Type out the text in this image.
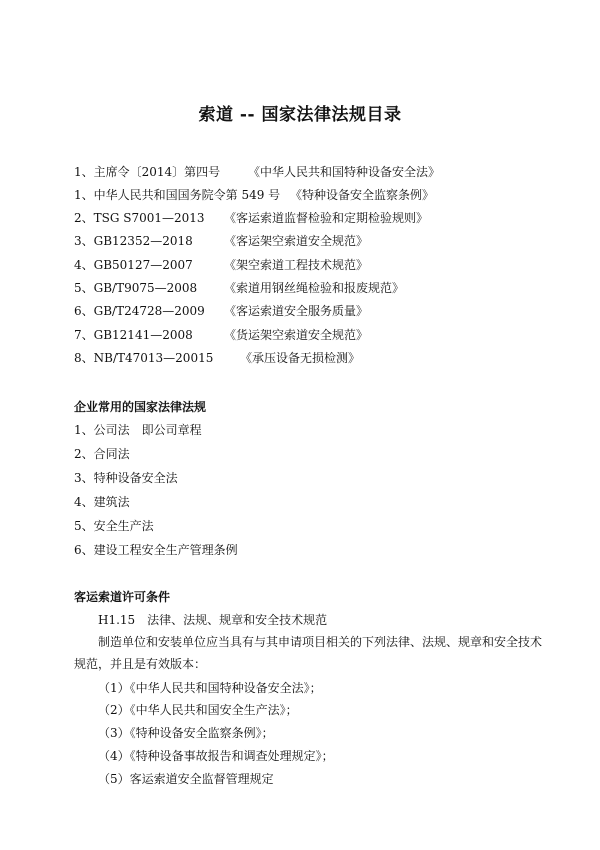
索道 -- 国家法律法规目录
1、主席令〔2014〕第四号 《中华人民共和国特种设备安全法》
1、中华人民共和国国务院令第 549 号 《特种设备安全监察条例》
2、TSG S7001—2013 《客运索道监督检验和定期检验规则》
3、GB12352—2018	《客运架空索道安全规范》
4、GB50127—2007	《架空索道工程技术规范》
5、GB/T9075—2008 《索道用钢丝绳检验和报废规范》
6、GB/T24728—2009 《客运索道安全服务质量》
7、GB12141—2008	《货运架空索道安全规范》
8、NB/T47013—20015 《承压设备无损检测》
企业常用的国家法律法规
1、公司法　即公司章程
2、合同法
3、特种设备安全法
4、建筑法
5、安全生产法
6、建设工程安全生产管理条例
客运索道许可条件
H1.15　法律、法规、规章和安全技术规范
制造单位和安装单位应当具有与其申请项目相关的下列法律、法规、规章和安全技术规范，并且是有效版本：
（1）《中华人民共和国特种设备安全法》；
（2）《中华人民共和国安全生产法》；
（3）《特种设备安全监察条例》；
（4）《特种设备事故报告和调查处理规定》；
（5）客运索道安全监督管理规定
